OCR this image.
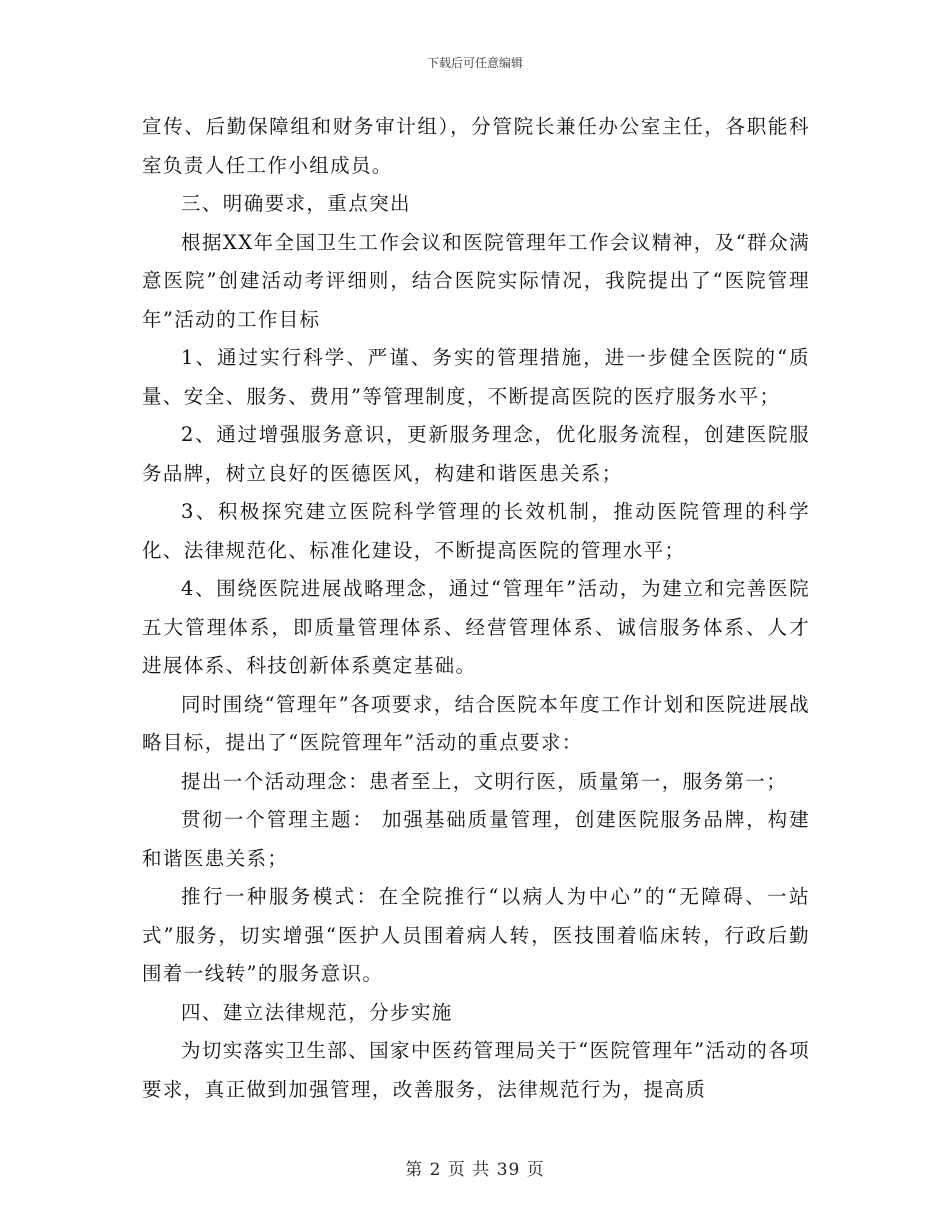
下载后可任意编辑

宣传、后勤保障组和财务审计组），分管院长兼任办公室主任，各职能科室负责人任工作小组成员。

三、明确要求，重点突出

根据XX年全国卫生工作会议和医院管理年工作会议精神，及“群众满意医院”创建活动考评细则，结合医院实际情况，我院提出了“医院管理年”活动的工作目标

1、通过实行科学、严谨、务实的管理措施，进一步健全医院的“质量、安全、服务、费用”等管理制度，不断提高医院的医疗服务水平；

2、通过增强服务意识，更新服务理念，优化服务流程，创建医院服务品牌，树立良好的医德医风，构建和谐医患关系；

3、积极探究建立医院科学管理的长效机制，推动医院管理的科学化、法律规范化、标准化建设，不断提高医院的管理水平；

4、围绕医院进展战略理念，通过“管理年”活动，为建立和完善医院五大管理体系，即质量管理体系、经营管理体系、诚信服务体系、人才进展体系、科技创新体系奠定基础。

同时围绕“管理年”各项要求，结合医院本年度工作计划和医院进展战略目标，提出了“医院管理年”活动的重点要求：

提出一个活动理念：患者至上，文明行医，质量第一，服务第一；

贯彻一个管理主题： 加强基础质量管理，创建医院服务品牌，构建和谐医患关系；

推行一种服务模式：在全院推行“以病人为中心”的“无障碍、一站式”服务，切实增强“医护人员围着病人转，医技围着临床转，行政后勤围着一线转”的服务意识。

四、建立法律规范，分步实施

为切实落实卫生部、国家中医药管理局关于“医院管理年”活动的各项要求，真正做到加强管理，改善服务，法律规范行为，提高质

第 2 页 共 39 页
